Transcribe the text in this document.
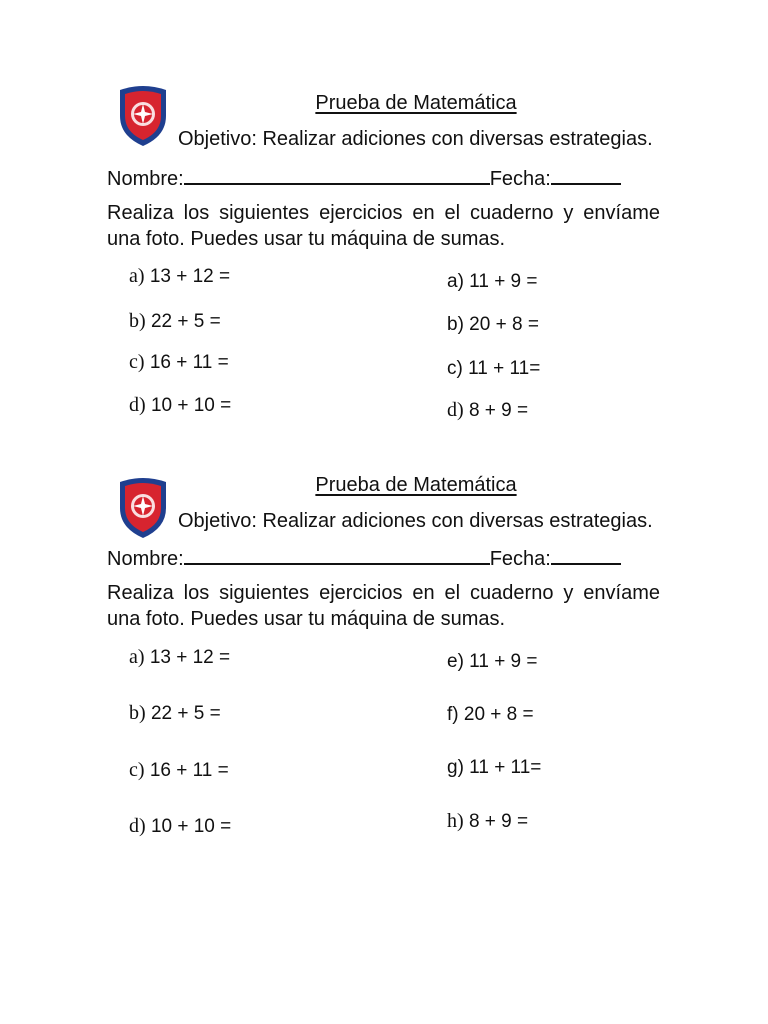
Prueba de Matemática
Objetivo: Realizar adiciones con diversas estrategias.
Nombre:	Fecha:
Realiza los siguientes ejercicios en el cuaderno y envíame una foto. Puedes usar tu máquina de sumas.
a) 13 + 12 =
b) 22 + 5 =
c) 16 + 11 =
d) 10 + 10 =
a) 11 + 9 =
b) 20 + 8 =
c) 11 + 11=
d) 8 + 9 =
Prueba de Matemática
Objetivo: Realizar adiciones con diversas estrategias.
Nombre:	Fecha:
Realiza los siguientes ejercicios en el cuaderno y envíame una foto. Puedes usar tu máquina de sumas.
a) 13 + 12 =
b) 22 + 5 =
c) 16 + 11 =
d) 10 + 10 =
e) 11 + 9 =
f) 20 + 8 =
g) 11 + 11=
h) 8 + 9 =
